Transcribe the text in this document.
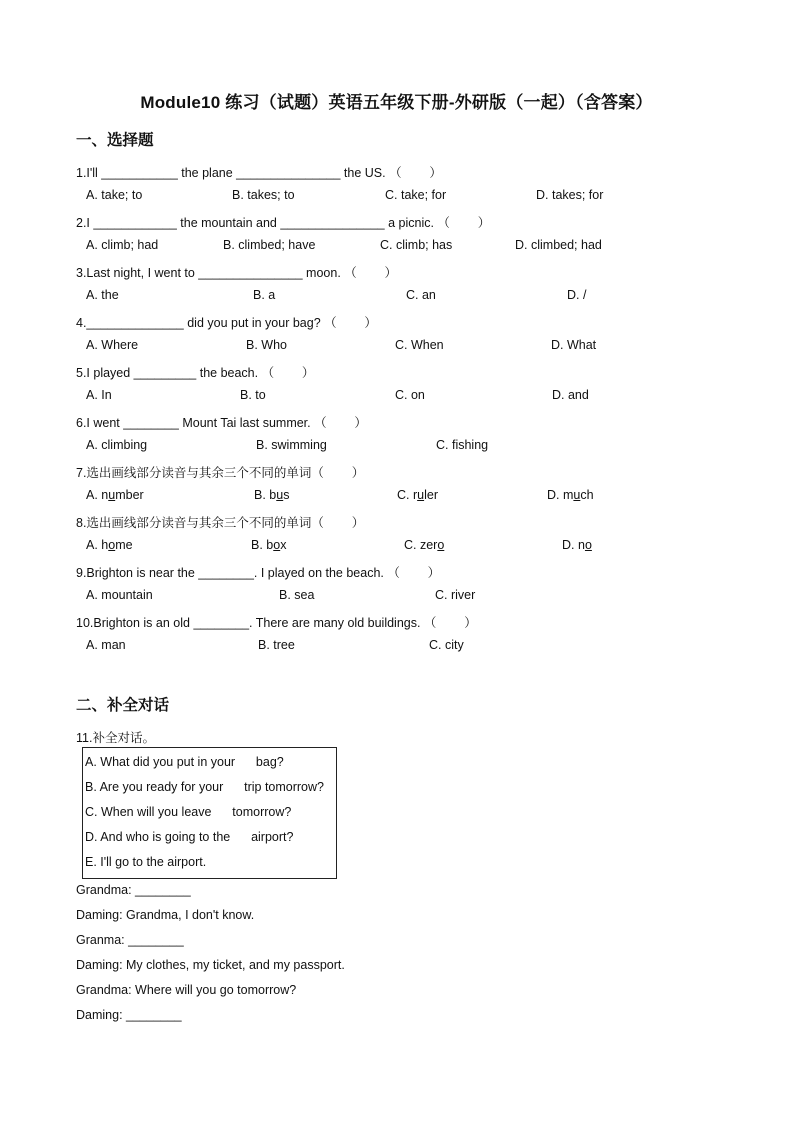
Module10 练习（试题）英语五年级下册-外研版（一起）（含答案）
一、选择题
1.I'll ___________ the plane _______________ the US. （        ）
A. take; to	B. takes; to	C. take; for	D. takes; for
2.I ____________ the mountain and _______________ a picnic. （        ）
A. climb; had	B. climbed; have	C. climb; has	D. climbed; had
3.Last night, I went to _______________ moon. （        ）
A. the	B. a	C. an	D. /
4.______________ did you put in your bag? （        ）
A. Where	B. Who	C. When	D. What
5.I played _________ the beach. （        ）
A. In	B. to	C. on	D. and
6.I went ________ Mount Tai last summer. （        ）
A. climbing	B. swimming	C. fishing
7.选出画线部分读音与其余三个不同的单词（        ）
A. number	B. bus	C. ruler	D. much
8.选出画线部分读音与其余三个不同的单词（        ）
A. home	B. box	C. zero	D. no
9.Brighton is near the ________. I played on the beach. （        ）
A. mountain	B. sea	C. river
10.Brighton is an old ________. There are many old buildings. （        ）
A. man	B. tree	C. city
二、补全对话
11.补全对话。
A. What did you put in your      bag?
B. Are you ready for your      trip tomorrow?
C. When will you leave      tomorrow?
D. And who is going to the      airport?
E. I'll go to the airport.
Grandma: ________
Daming: Grandma, I don't know.
Granma: ________
Daming: My clothes, my ticket, and my passport.
Grandma: Where will you go tomorrow?
Daming: ________
